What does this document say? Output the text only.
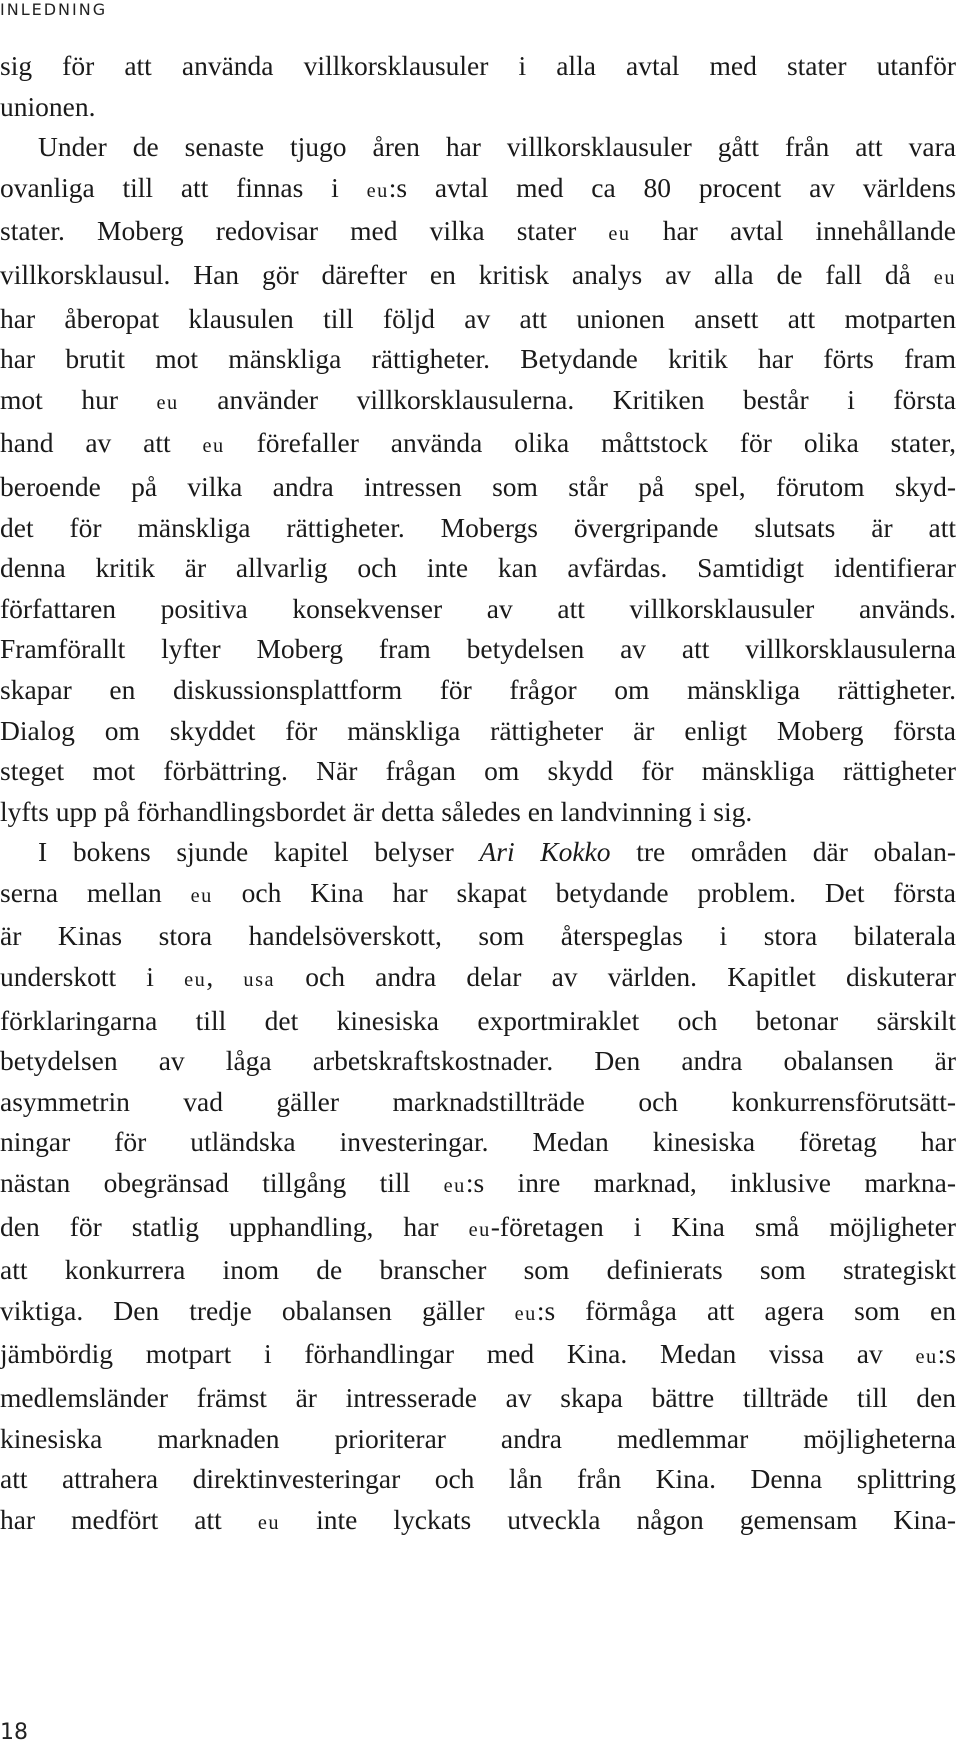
INLEDNING
sig för att använda villkorsklausuler i alla avtal med stater utanför
unionen.
Under de senaste tjugo åren har villkorsklausuler gått från att vara
ovanliga till att finnas i eu:s avtal med ca 80 procent av världens
stater. Moberg redovisar med vilka stater eu har avtal innehållande
villkorsklausul. Han gör därefter en kritisk analys av alla de fall då eu
har åberopat klausulen till följd av att unionen ansett att motparten
har brutit mot mänskliga rättigheter. Betydande kritik har förts fram
mot hur eu använder villkorsklausulerna. Kritiken består i första
hand av att eu förefaller använda olika måttstock för olika stater,
beroende på vilka andra intressen som står på spel, förutom skyd-
det för mänskliga rättigheter. Mobergs övergripande slutsats är att
denna kritik är allvarlig och inte kan avfärdas. Samtidigt identifierar
författaren positiva konsekvenser av att villkorsklausuler används.
Framförallt lyfter Moberg fram betydelsen av att villkorsklausulerna
skapar en diskussionsplattform för frågor om mänskliga rättigheter.
Dialog om skyddet för mänskliga rättigheter är enligt Moberg första
steget mot förbättring. När frågan om skydd för mänskliga rättigheter
lyfts upp på förhandlingsbordet är detta således en landvinning i sig.
I bokens sjunde kapitel belyser Ari Kokko tre områden där obalan-
serna mellan eu och Kina har skapat betydande problem. Det första
är Kinas stora handelsöverskott, som återspeglas i stora bilaterala
underskott i eu, usa och andra delar av världen. Kapitlet diskuterar
förklaringarna till det kinesiska exportmiraklet och betonar särskilt
betydelsen av låga arbetskraftskostnader. Den andra obalansen är
asymmetrin vad gäller marknadstillträde och konkurrensförutsätt-
ningar för utländska investeringar. Medan kinesiska företag har
nästan obegränsad tillgång till eu:s inre marknad, inklusive markna-
den för statlig upphandling, har eu-företagen i Kina små möjligheter
att konkurrera inom de branscher som definierats som strategiskt
viktiga. Den tredje obalansen gäller eu:s förmåga att agera som en
jämbördig motpart i förhandlingar med Kina. Medan vissa av eu:s
medlemsländer främst är intresserade av skapa bättre tillträde till den
kinesiska marknaden prioriterar andra medlemmar möjligheterna
att attrahera direktinvesteringar och lån från Kina. Denna splittring
har medfört att eu inte lyckats utveckla någon gemensam Kina-
18
